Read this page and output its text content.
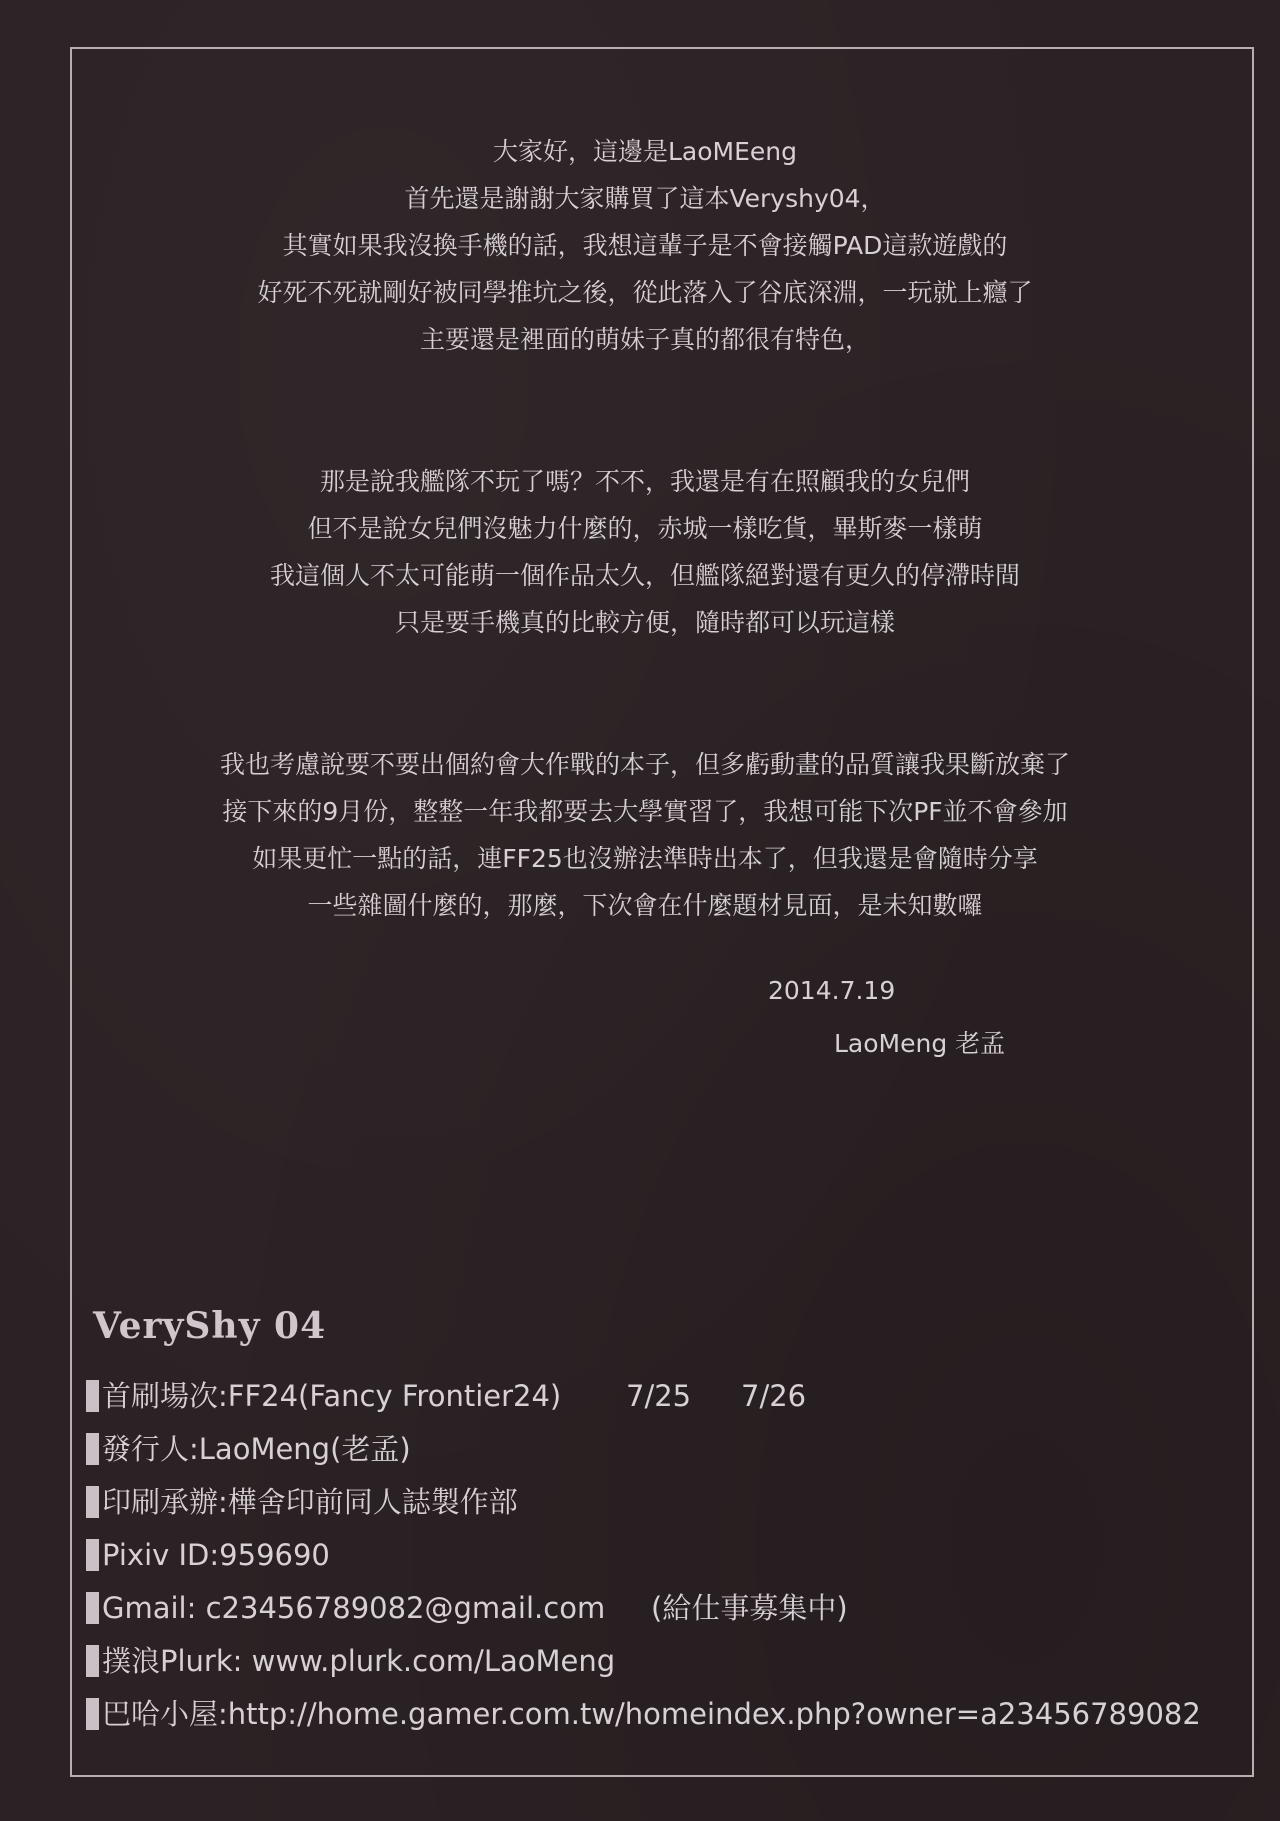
大家好，這邊是LaoMEeng
首先還是謝謝大家購買了這本Veryshy04，
其實如果我沒換手機的話，我想這輩子是不會接觸PAD這款遊戲的
好死不死就剛好被同學推坑之後，從此落入了谷底深淵，一玩就上癮了
主要還是裡面的萌妹子真的都很有特色，
那是說我艦隊不玩了嗎？不不，我還是有在照顧我的女兒們
但不是說女兒們沒魅力什麼的，赤城一樣吃貨，畢斯麥一樣萌
我這個人不太可能萌一個作品太久，但艦隊絕對還有更久的停滯時間
只是要手機真的比較方便，隨時都可以玩這樣
我也考慮說要不要出個約會大作戰的本子，但多虧動畫的品質讓我果斷放棄了
接下來的9月份，整整一年我都要去大學實習了，我想可能下次PF並不會參加
如果更忙一點的話，連FF25也沒辦法準時出本了，但我還是會隨時分享
一些雜圖什麼的，那麼，下次會在什麼題材見面，是未知數囉
2014.7.19
LaoMeng 老孟
VeryShy 04
首刷場次:FF24(Fancy Frontier24) 7/25 7/26
發行人:LaoMeng(老孟)
印刷承辦:樺舍印前同人誌製作部
Pixiv ID:959690
Gmail: c23456789082@gmail.com (給仕事募集中)
撲浪Plurk: www.plurk.com/LaoMeng
巴哈小屋:http://home.gamer.com.tw/homeindex.php?owner=a23456789082
